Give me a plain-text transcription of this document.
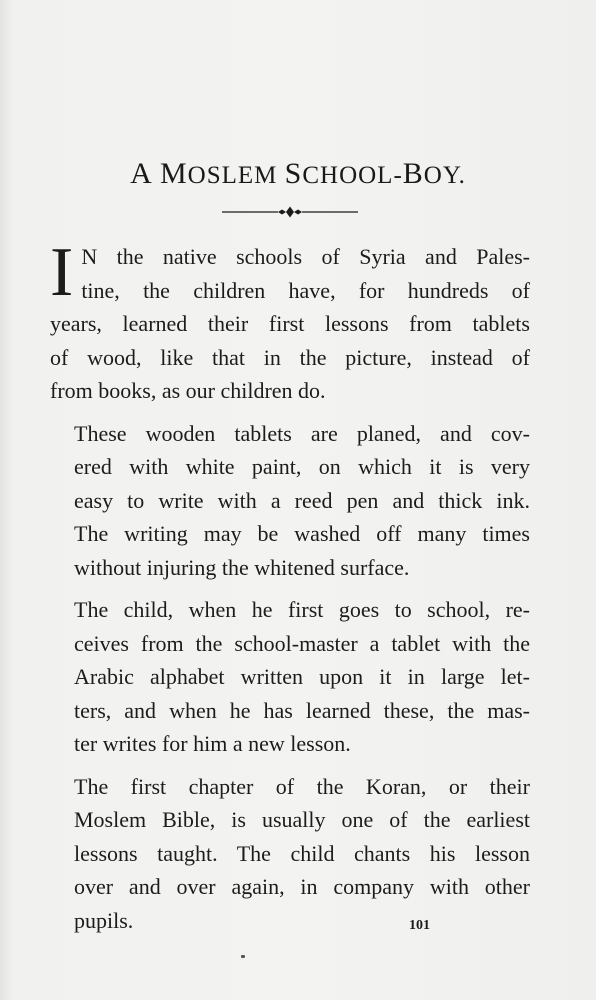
A MOSLEM SCHOOL-BOY.
I N the native schools of Syria and Pales-
tine, the children have, for hundreds of
years, learned their first lessons from tablets
of wood, like that in the picture, instead of
from books, as our children do.
These wooden tablets are planed, and cov-
ered with white paint, on which it is very
easy to write with a reed pen and thick ink.
The writing may be washed off many times
without injuring the whitened surface.
The child, when he first goes to school, re-
ceives from the school-master a tablet with the
Arabic alphabet written upon it in large let-
ters, and when he has learned these, the mas-
ter writes for him a new lesson.
The first chapter of the Koran, or their
Moslem Bible, is usually one of the earliest
lessons taught. The child chants his lesson
over and over again, in company with other
pupils.	101
